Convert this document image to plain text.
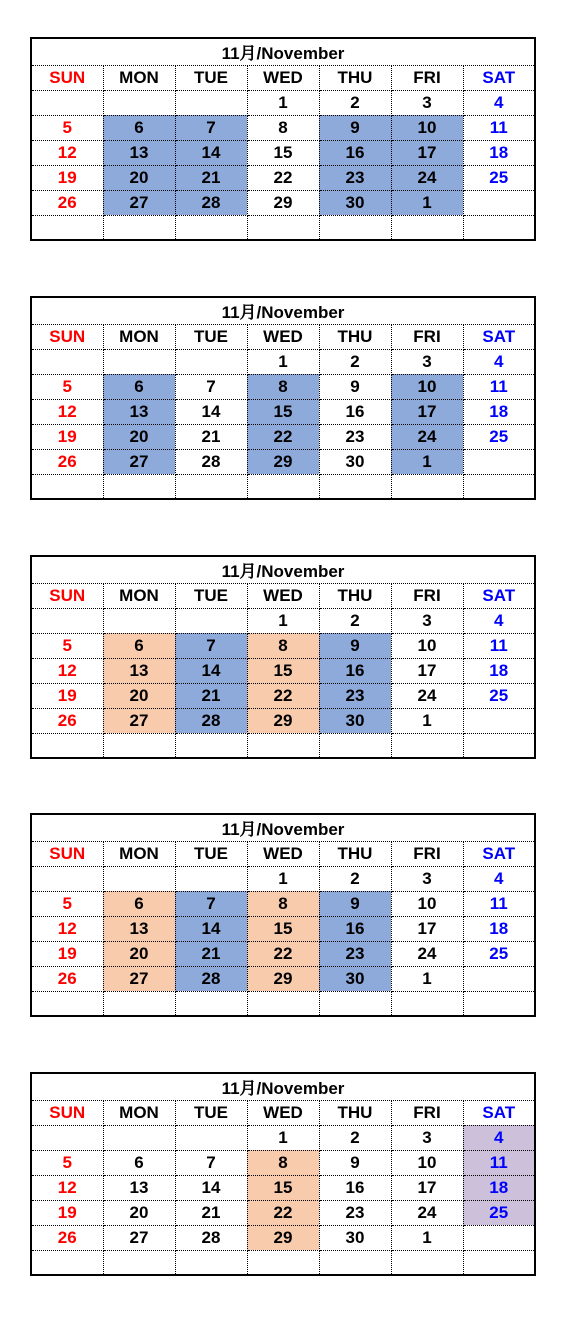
11月/November						
SUN	MON	TUE	WED	THU	FRI	SAT
			1	2	3	4
5	6	7	8	9	10	11
12	13	14	15	16	17	18
19	20	21	22	23	24	25
26	27	28	29	30	1	

11月/November						
SUN	MON	TUE	WED	THU	FRI	SAT
			1	2	3	4
5	6	7	8	9	10	11
12	13	14	15	16	17	18
19	20	21	22	23	24	25
26	27	28	29	30	1	

11月/November						
SUN	MON	TUE	WED	THU	FRI	SAT
			1	2	3	4
5	6	7	8	9	10	11
12	13	14	15	16	17	18
19	20	21	22	23	24	25
26	27	28	29	30	1	

11月/November						
SUN	MON	TUE	WED	THU	FRI	SAT
			1	2	3	4
5	6	7	8	9	10	11
12	13	14	15	16	17	18
19	20	21	22	23	24	25
26	27	28	29	30	1	

11月/November						
SUN	MON	TUE	WED	THU	FRI	SAT
			1	2	3	4
5	6	7	8	9	10	11
12	13	14	15	16	17	18
19	20	21	22	23	24	25
26	27	28	29	30	1	
